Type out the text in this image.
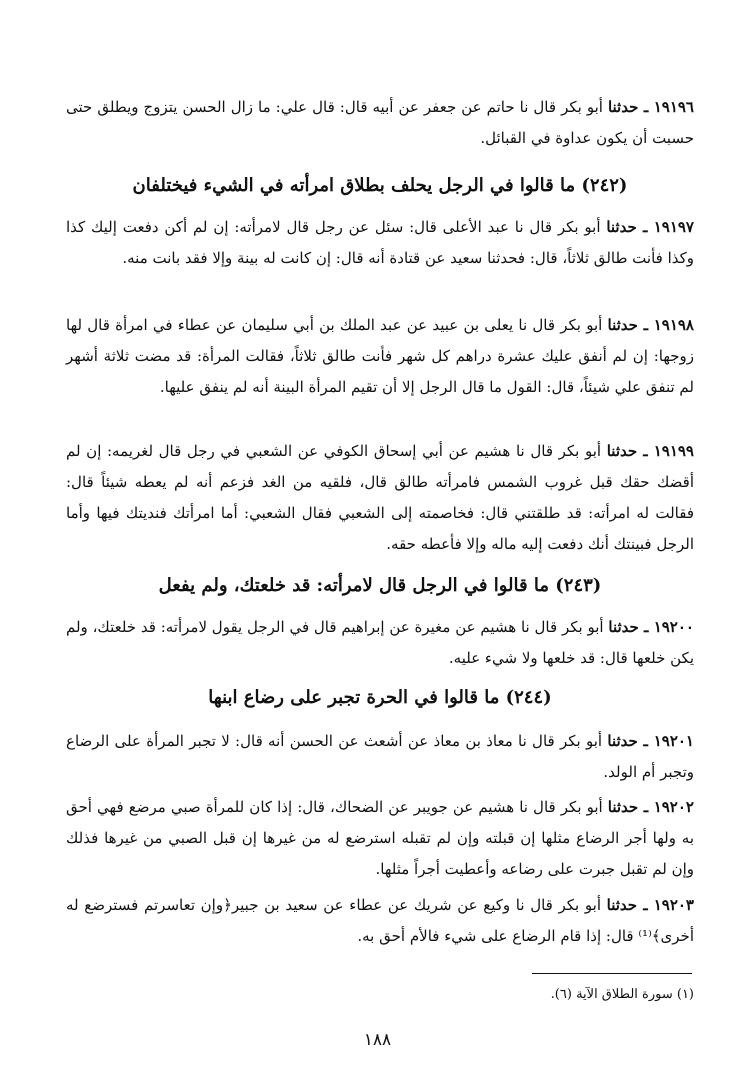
١٩١٩٦ ـ حدثنا أبو بكر قال نا حاتم عن جعفر عن أبيه قال: قال علي: ما زال الحسن يتزوج ويطلق حتى حسبت أن يكون عداوة في القبائل.
(٢٤٢) ما قالوا في الرجل يحلف بطلاق امرأته في الشيء فيختلفان
١٩١٩٧ ـ حدثنا أبو بكر قال نا عبد الأعلى قال: سئل عن رجل قال لامرأته: إن لم أكن دفعت إليك كذا وكذا فأنت طالق ثلاثاً، قال: فحدثنا سعيد عن قتادة أنه قال: إن كانت له بينة وإلا فقد بانت منه.
١٩١٩٨ ـ حدثنا أبو بكر قال نا يعلى بن عبيد عن عبد الملك بن أبي سليمان عن عطاء في امرأة قال لها زوجها: إن لم أنفق عليك عشرة دراهم كل شهر فأنت طالق ثلاثاً، فقالت المرأة: قد مضت ثلاثة أشهر لم تنفق علي شيئاً، قال: القول ما قال الرجل إلا أن تقيم المرأة البينة أنه لم ينفق عليها.
١٩١٩٩ ـ حدثنا أبو بكر قال نا هشيم عن أبي إسحاق الكوفي عن الشعبي في رجل قال لغريمه: إن لم أقضك حقك قبل غروب الشمس فامرأته طالق قال، فلقيه من الغد فزعم أنه لم يعطه شيئاً قال: فقالت له امرأته: قد طلقتني قال: فخاصمته إلى الشعبي فقال الشعبي: أما امرأتك فنديتك فيها وأما الرجل فبينتك أنك دفعت إليه ماله وإلا فأعطه حقه.
(٢٤٣) ما قالوا في الرجل قال لامرأته: قد خلعتك، ولم يفعل
١٩٢٠٠ ـ حدثنا أبو بكر قال نا هشيم عن مغيرة عن إبراهيم قال في الرجل يقول لامرأته: قد خلعتك، ولم يكن خلعها قال: قد خلعها ولا شيء عليه.
(٢٤٤) ما قالوا في الحرة تجبر على رضاع ابنها
١٩٢٠١ ـ حدثنا أبو بكر قال نا معاذ بن معاذ عن أشعث عن الحسن أنه قال: لا تجبر المرأة على الرضاع وتجبر أم الولد.
١٩٢٠٢ ـ حدثنا أبو بكر قال نا هشيم عن جويبر عن الضحاك، قال: إذا كان للمرأة صبي مرضع فهي أحق به ولها أجر الرضاع مثلها إن قبلته وإن لم تقبله استرضع له من غيرها إن قبل الصبي من غيرها فذلك وإن لم تقبل جبرت على رضاعه وأعطيت أجراً مثلها.
١٩٢٠٣ ـ حدثنا أبو بكر قال نا وكيع عن شريك عن عطاء عن سعيد بن جبير﴿وإن تعاسرتم فسترضع له أخرى﴾⁽¹⁾ قال: إذا قام الرضاع على شيء فالأم أحق به.
(١) سورة الطلاق الآية (٦).
١٨٨
